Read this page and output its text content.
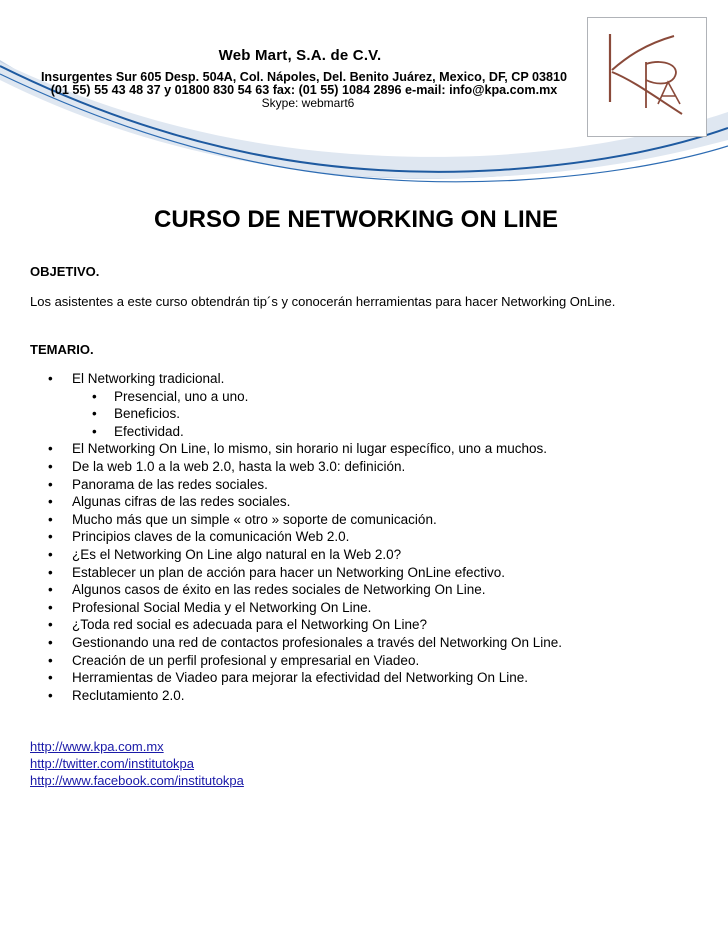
Web Mart, S.A. de C.V.
Insurgentes Sur 605 Desp. 504A, Col. Nápoles, Del. Benito Juárez, Mexico, DF, CP 03810
(01 55) 55 43 48 37 y 01800 830 54 63 fax: (01 55) 1084 2896 e-mail: info@kpa.com.mx
Skype: webmart6
CURSO DE NETWORKING ON LINE
OBJETIVO.
Los asistentes a este curso obtendrán tip´s y conocerán herramientas para hacer Networking OnLine.
TEMARIO.
• El Networking tradicional.
• Presencial, uno a uno.
• Beneficios.
• Efectividad.
• El Networking On Line, lo mismo, sin horario ni lugar específico, uno a muchos.
• De la web 1.0 a la web 2.0, hasta la web 3.0: definición.
• Panorama de las redes sociales.
• Algunas cifras de las redes sociales.
• Mucho más que un simple « otro » soporte de comunicación.
• Principios claves de la comunicación Web 2.0.
• ¿Es el Networking On Line algo natural en la Web 2.0?
• Establecer un plan de acción para hacer un Networking OnLine efectivo.
• Algunos casos de éxito en las redes sociales de Networking On Line.
• Profesional Social Media y el Networking On Line.
• ¿Toda red social es adecuada para el Networking On Line?
• Gestionando una red de contactos profesionales a través del Networking On Line.
• Creación de un perfil profesional y empresarial en Viadeo.
• Herramientas de Viadeo para mejorar la efectividad del Networking On Line.
• Reclutamiento 2.0.
http://www.kpa.com.mx
http://twitter.com/institutokpa
http://www.facebook.com/institutokpa
